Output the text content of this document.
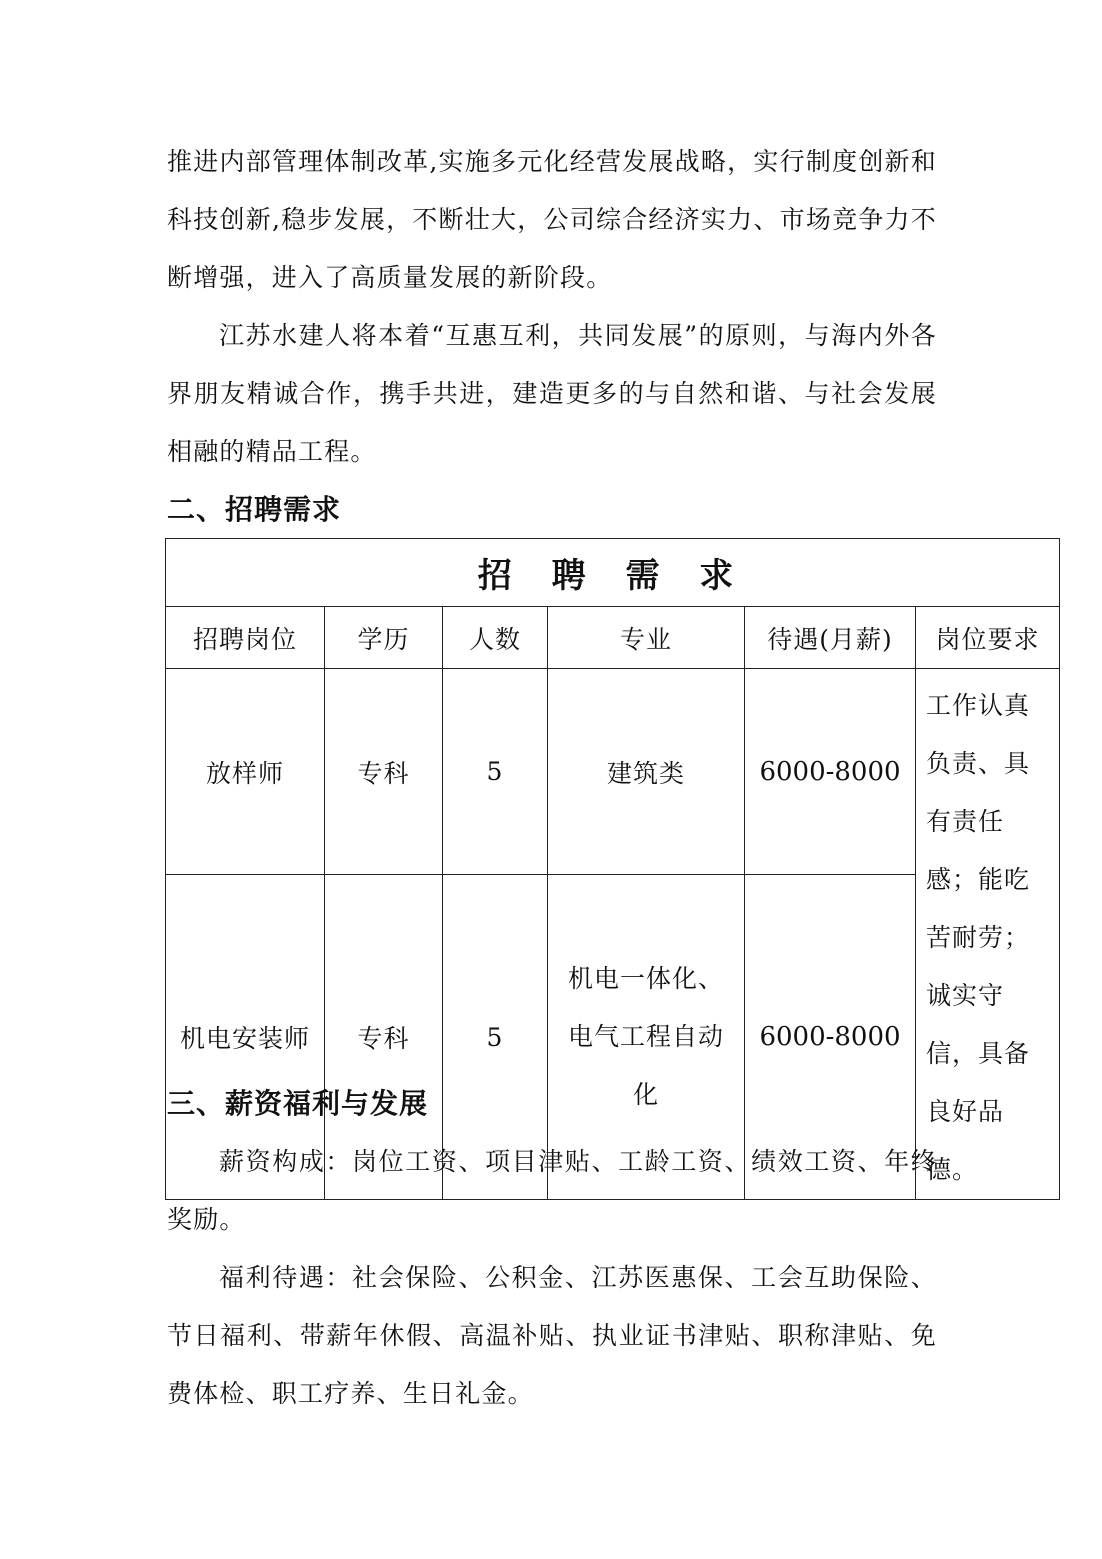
推进内部管理体制改革,实施多元化经营发展战略，实行制度创新和科技创新,稳步发展，不断壮大，公司综合经济实力、市场竞争力不断增强，进入了高质量发展的新阶段。

江苏水建人将本着“互惠互利，共同发展”的原则，与海内外各界朋友精诚合作，携手共进，建造更多的与自然和谐、与社会发展相融的精品工程。

二、招聘需求
招 聘 需 求					
招聘岗位	学历	人数	专业	待遇(月薪)	岗位要求
放样师	专科	5	建筑类	6000-8000	工作认真负责、具有责任感；能吃苦耐劳；诚实守信，具备良好品德。
机电安装师	专科	5	机电一体化、电气工程自动化	6000-8000	
三、薪资福利与发展

薪资构成：岗位工资、项目津贴、工龄工资、绩效工资、年终奖励。

福利待遇：社会保险、公积金、江苏医惠保、工会互助保险、节日福利、带薪年休假、高温补贴、执业证书津贴、职称津贴、免费体检、职工疗养、生日礼金。
